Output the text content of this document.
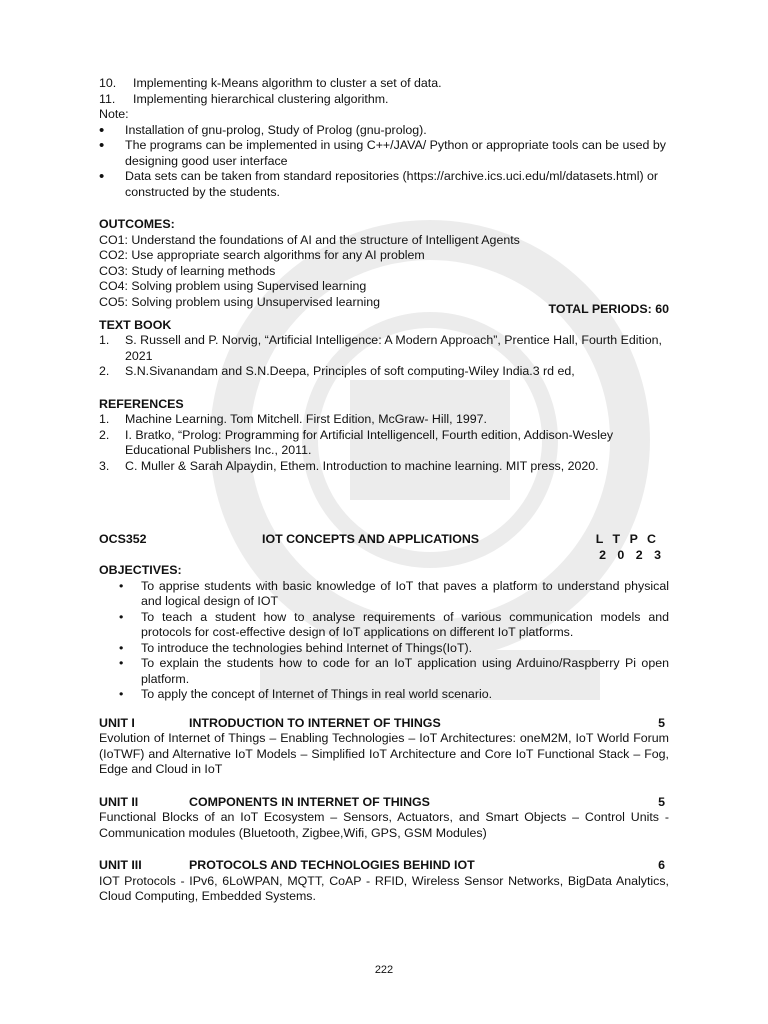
10. Implementing k-Means algorithm to cluster a set of data.
11. Implementing hierarchical clustering algorithm.

Note:

• Installation of gnu-prolog, Study of Prolog (gnu-prolog).
• The programs can be implemented in using C++/JAVA/ Python or appropriate tools can be used by designing good user interface
• Data sets can be taken from standard repositories (https://archive.ics.uci.edu/ml/datasets.html) or constructed by the students.

OUTCOMES:

CO1: Understand the foundations of AI and the structure of Intelligent Agents

CO2: Use appropriate search algorithms for any AI problem

CO3: Study of learning methods

CO4: Solving problem using Supervised learning

CO5: Solving problem using Unsupervised learning

TOTAL PERIODS: 60

TEXT BOOK

1. S. Russell and P. Norvig, “Artificial Intelligence: A Modern Approach”, Prentice Hall, Fourth Edition, 2021
2. S.N.Sivanandam and S.N.Deepa, Principles of soft computing-Wiley India.3 rd ed,

REFERENCES

1. Machine Learning. Tom Mitchell. First Edition, McGraw- Hill, 1997.
2. I. Bratko, “Prolog: Programming for Artificial Intelligencell, Fourth edition, Addison-Wesley Educational Publishers Inc., 2011.
3. C. Muller & Sarah Alpaydin, Ethem. Introduction to machine learning. MIT press, 2020.
OCS352	IOT CONCEPTS AND APPLICATIONS	L T P C

2 0 2 3

OBJECTIVES:

• To apprise students with basic knowledge of IoT that paves a platform to understand physical and logical design of IOT
• To teach a student how to analyse requirements of various communication models and protocols for cost-effective design of IoT applications on different IoT platforms.
• To introduce the technologies behind Internet of Things(IoT).
• To explain the students how to code for an IoT application using Arduino/Raspberry Pi open platform.
• To apply the concept of Internet of Things in real world scenario.
UNIT I	INTRODUCTION TO INTERNET OF THINGS	5

Evolution of Internet of Things – Enabling Technologies – IoT Architectures: oneM2M, IoT World Forum (IoTWF) and Alternative IoT Models – Simplified IoT Architecture and Core IoT Functional Stack – Fog, Edge and Cloud in IoT

UNIT II	COMPONENTS IN INTERNET OF THINGS	5

Functional Blocks of an IoT Ecosystem – Sensors, Actuators, and Smart Objects – Control Units - Communication modules (Bluetooth, Zigbee,Wifi, GPS, GSM Modules)

UNIT III	PROTOCOLS AND TECHNOLOGIES BEHIND IOT	6

IOT Protocols - IPv6, 6LoWPAN, MQTT, CoAP - RFID, Wireless Sensor Networks, BigData Analytics, Cloud Computing, Embedded Systems.

222
